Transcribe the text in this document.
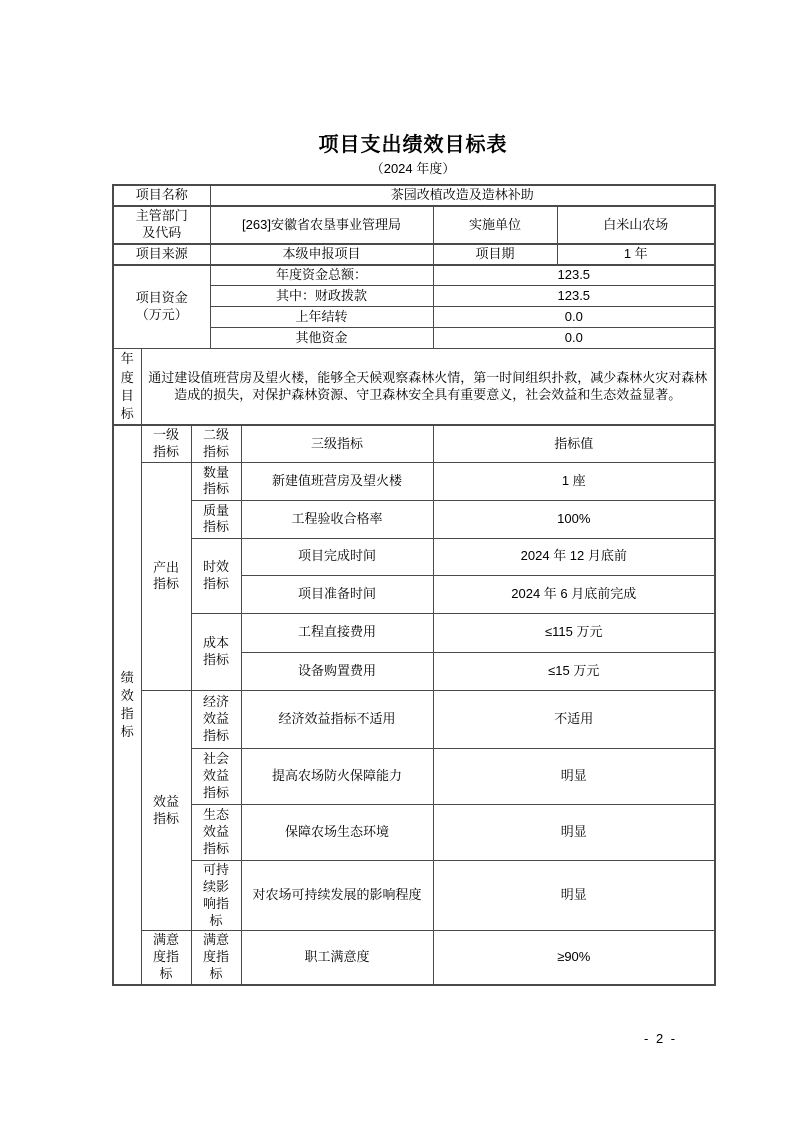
项目支出绩效目标表
（2024 年度）
项目名称			茶园改植改造及造林补助			
主管部门及代码			[263]安徽省农垦事业管理局		实施单位	白米山农场
项目来源			本级申报项目		项目期	1 年
项目资金（万元）			年度资金总额：		123.5	
			其中：财政拨款		123.5	
			上年结转		0.0	
			其他资金		0.0	
年度目标	通过建设值班营房及望火楼，能够全天候观察森林火情，第一时间组织扑救，减少森林火灾对森林造成的损失，对保护森林资源、守卫森林安全具有重要意义，社会效益和生态效益显著。					
绩效指标	一级指标	二级指标		三级指标	指标值	
	产出指标	数量指标		新建值班营房及望火楼	1 座	
		质量指标		工程验收合格率	100%	
		时效指标		项目完成时间	2024 年 12 月底前	
				项目准备时间	2024 年 6 月底前完成	
		成本指标		工程直接费用	≤115 万元	
				设备购置费用	≤15 万元	
	效益指标	经济效益指标		经济效益指标不适用	不适用	
		社会效益指标		提高农场防火保障能力	明显	
		生态效益指标		保障农场生态环境	明显	
		可持续影响指标		对农场可持续发展的影响程度	明显	
	满意度指标	满意度指标		职工满意度	≥90%	
- 2 -
